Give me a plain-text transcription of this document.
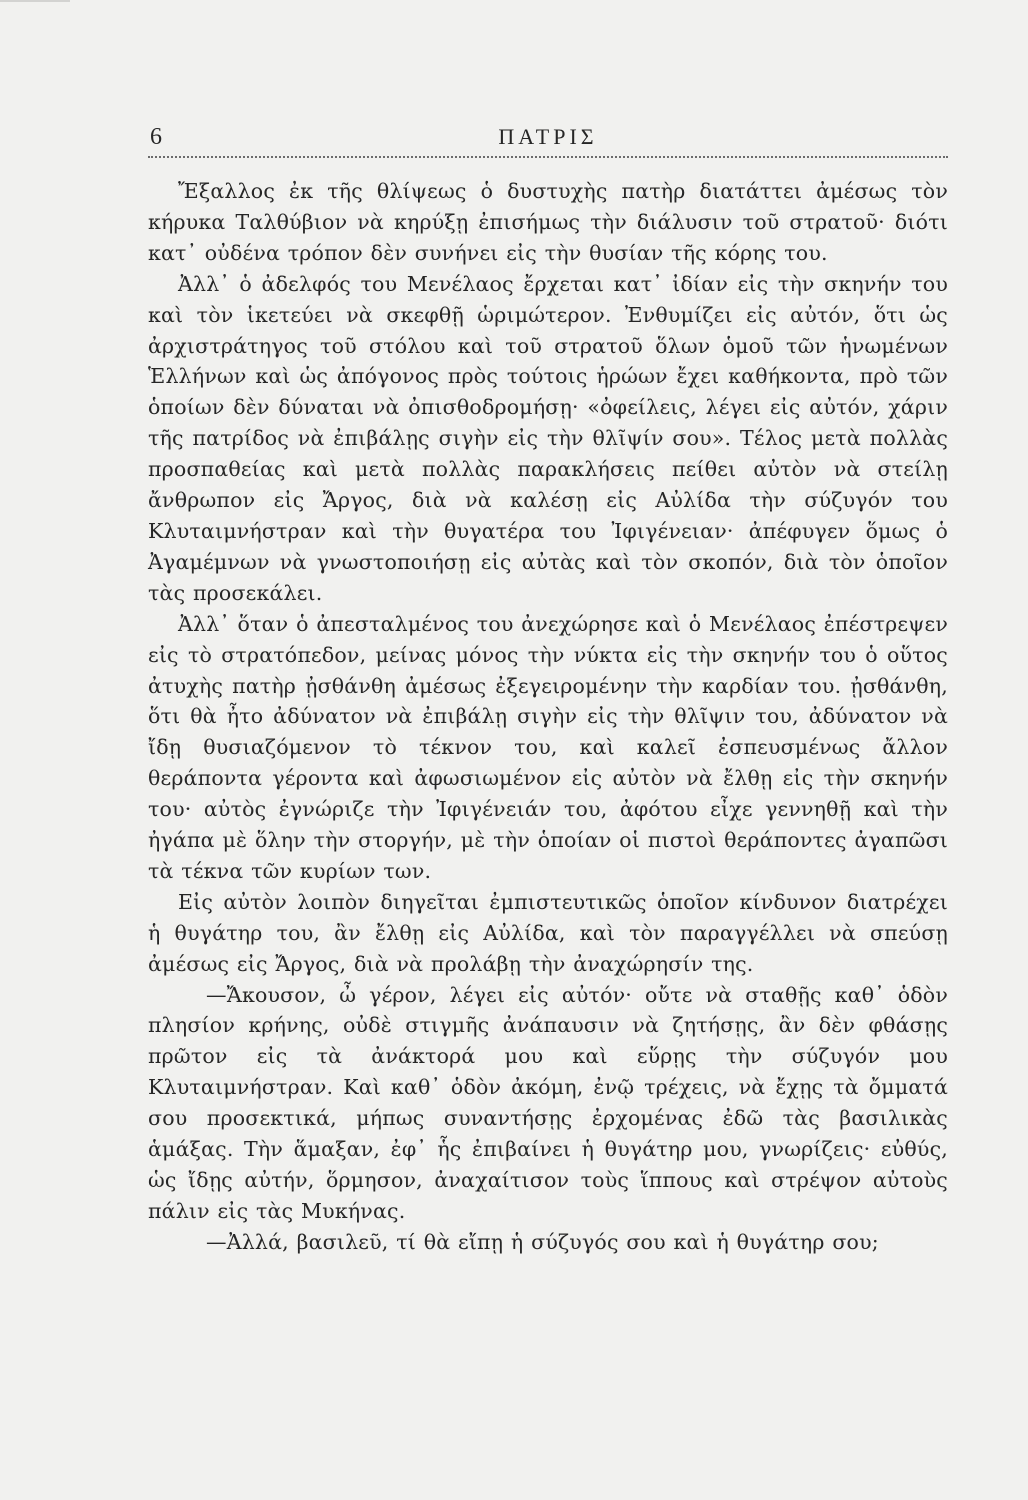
6	ΠΑΤΡΙΣ

Ἔξαλλος ἐκ τῆς θλίψεως ὁ δυστυχὴς πατὴρ διατάττει ἀμέσως τὸν κήρυκα Ταλθύβιον νὰ κηρύξῃ ἐπισήμως τὴν διάλυσιν τοῦ στρατοῦ· διότι κατ᾽ οὐδένα τρόπον δὲν συνήνει εἰς τὴν θυσίαν τῆς κόρης του.

Ἀλλ᾽ ὁ ἀδελφός του Μενέλαος ἔρχεται κατ᾽ ἰδίαν εἰς τὴν σκηνήν του καὶ τὸν ἱκετεύει νὰ σκεφθῇ ὡριμώτερον. Ἐνθυμίζει εἰς αὐτόν, ὅτι ὡς ἀρχιστράτηγος τοῦ στόλου καὶ τοῦ στρατοῦ ὅλων ὁμοῦ τῶν ἡνωμένων Ἑλλήνων καὶ ὡς ἀπόγονος πρὸς τούτοις ἡρώων ἔχει καθήκοντα, πρὸ τῶν ὁποίων δὲν δύναται νὰ ὀπισθοδρομήσῃ· «ὀφείλεις, λέγει εἰς αὐτόν, χάριν τῆς πατρίδος νὰ ἐπιβάλῃς σιγὴν εἰς τὴν θλῖψίν σου». Τέλος μετὰ πολλὰς προσπαθείας καὶ μετὰ πολλὰς παρακλήσεις πείθει αὐτὸν νὰ στείλῃ ἄνθρωπον εἰς Ἄργος, διὰ νὰ καλέσῃ εἰς Αὐλίδα τὴν σύζυγόν του Κλυταιμνήστραν καὶ τὴν θυγατέρα του Ἰφιγένειαν· ἀπέφυγεν ὅμως ὁ Ἀγαμέμνων νὰ γνωστοποιήσῃ εἰς αὐτὰς καὶ τὸν σκοπόν, διὰ τὸν ὁποῖον τὰς προσεκάλει.

Ἀλλ᾽ ὅταν ὁ ἀπεσταλμένος του ἀνεχώρησε καὶ ὁ Μενέλαος ἐπέστρεψεν εἰς τὸ στρατόπεδον, μείνας μόνος τὴν νύκτα εἰς τὴν σκηνήν του ὁ οὕτος ἀτυχὴς πατὴρ ᾐσθάνθη ἀμέσως ἐξεγειρομένην τὴν καρδίαν του. ᾐσθάνθη, ὅτι θὰ ἦτο ἀδύνατον νὰ ἐπιβάλῃ σιγὴν εἰς τὴν θλῖψιν του, ἀδύνατον νὰ ἴδῃ θυσιαζόμενον τὸ τέκνον του, καὶ καλεῖ ἐσπευσμένως ἄλλον θεράποντα γέροντα καὶ ἀφωσιωμένον εἰς αὐτὸν νὰ ἔλθῃ εἰς τὴν σκηνήν του· αὐτὸς ἐγνώριζε τὴν Ἰφιγένειάν του, ἀφότου εἶχε γεννηθῇ καὶ τὴν ἠγάπα μὲ ὅλην τὴν στοργήν, μὲ τὴν ὁποίαν οἱ πιστοὶ θεράποντες ἀγαπῶσι τὰ τέκνα τῶν κυρίων των.

Εἰς αὐτὸν λοιπὸν διηγεῖται ἐμπιστευτικῶς ὁποῖον κίνδυνον διατρέχει ἡ θυγάτηρ του, ἂν ἔλθῃ εἰς Αὐλίδα, καὶ τὸν παραγγέλλει νὰ σπεύσῃ ἀμέσως εἰς Ἄργος, διὰ νὰ προλάβῃ τὴν ἀναχώρησίν της.

—Ἄκουσον, ὦ γέρον, λέγει εἰς αὐτόν· οὔτε νὰ σταθῇς καθ᾽ ὁδὸν πλησίον κρήνης, οὐδὲ στιγμῆς ἀνάπαυσιν νὰ ζητήσῃς, ἂν δὲν φθάσῃς πρῶτον εἰς τὰ ἀνάκτορά μου καὶ εὕρῃς τὴν σύζυγόν μου Κλυταιμνήστραν. Καὶ καθ᾽ ὁδὸν ἀκόμη, ἐνῷ τρέχεις, νὰ ἔχῃς τὰ ὄμματά σου προσεκτικά, μήπως συναντήσῃς ἐρχομένας ἐδῶ τὰς βασιλικὰς ἁμάξας. Τὴν ἅμαξαν, ἐφ᾽ ἧς ἐπιβαίνει ἡ θυγάτηρ μου, γνωρίζεις· εὐθύς, ὡς ἴδῃς αὐτήν, ὅρμησον, ἀναχαίτισον τοὺς ἵππους καὶ στρέψον αὐτοὺς πάλιν εἰς τὰς Μυκήνας.

—Ἀλλά, βασιλεῦ, τί θὰ εἴπῃ ἡ σύζυγός σου καὶ ἡ θυγάτηρ σου;
